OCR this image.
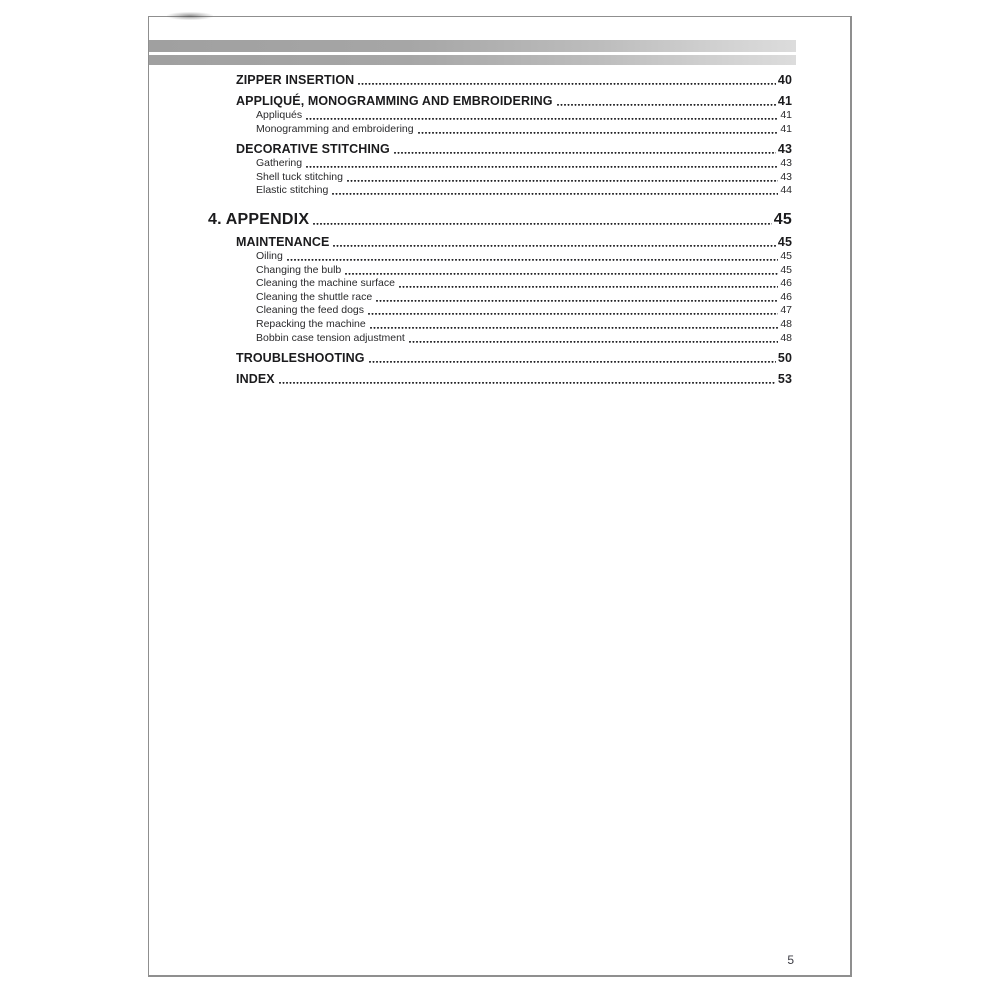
ZIPPER INSERTION	40
APPLIQUÉ, MONOGRAMMING AND EMBROIDERING	41
Appliqués	41
Monogramming and embroidering	41
DECORATIVE STITCHING	43
Gathering	43
Shell tuck stitching	43
Elastic stitching	44
4. APPENDIX	45
MAINTENANCE	45
Oiling	45
Changing the bulb	45
Cleaning the machine surface	46
Cleaning the shuttle race	46
Cleaning the feed dogs	47
Repacking the machine	48
Bobbin case tension adjustment	48
TROUBLESHOOTING	50
INDEX	53
5
